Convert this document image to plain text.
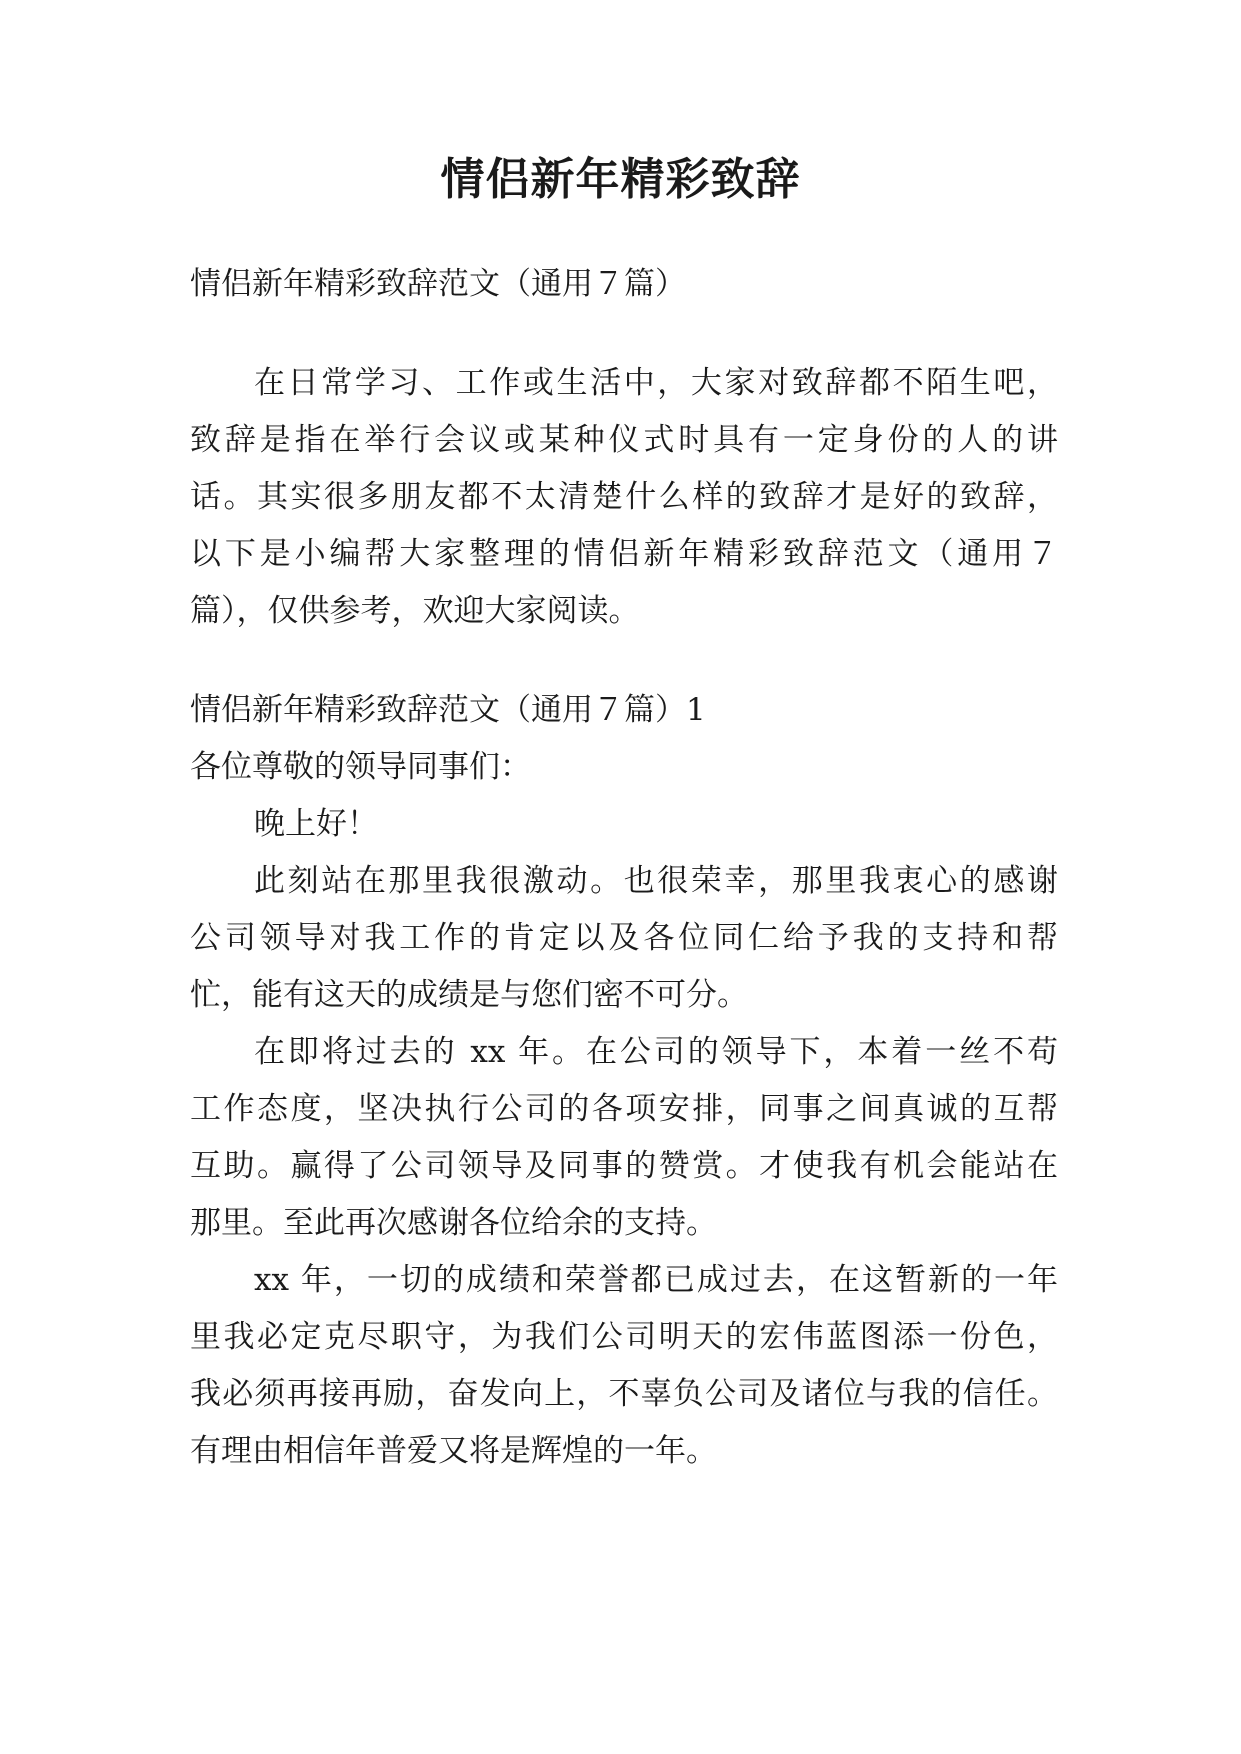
情侣新年精彩致辞

情侣新年精彩致辞范文（通用７篇）

在日常学习、工作或生活中，大家对致辞都不陌生吧，

致辞是指在举行会议或某种仪式时具有一定身份的人的讲

话。其实很多朋友都不太清楚什么样的致辞才是好的致辞，

以下是小编帮大家整理的情侣新年精彩致辞范文（通用７

篇），仅供参考，欢迎大家阅读。

情侣新年精彩致辞范文（通用７篇）1

各位尊敬的领导同事们：

晚上好！

此刻站在那里我很激动。也很荣幸，那里我衷心的感谢

公司领导对我工作的肯定以及各位同仁给予我的支持和帮

忙，能有这天的成绩是与您们密不可分。

在即将过去的 xx 年。在公司的领导下，本着一丝不苟

工作态度，坚决执行公司的各项安排，同事之间真诚的互帮

互助。赢得了公司领导及同事的赞赏。才使我有机会能站在

那里。至此再次感谢各位给余的支持。

xx 年，一切的成绩和荣誉都已成过去，在这暂新的一年

里我必定克尽职守，为我们公司明天的宏伟蓝图添一份色，

我必须再接再励，奋发向上，不辜负公司及诸位与我的信任。

有理由相信年普爱又将是辉煌的一年。
